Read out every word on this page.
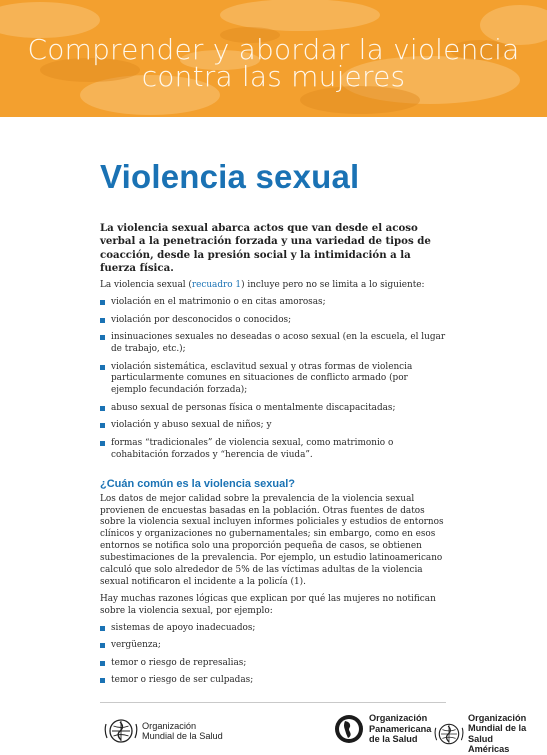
Comprender y abordar la violencia
contra las mujeres
Violencia sexual

La violencia sexual abarca actos que van desde el acoso verbal a la penetración forzada y una variedad de tipos de coacción, desde la presión social y la intimidación a la fuerza física.

La violencia sexual (recuadro 1) incluye pero no se limita a lo siguiente:

violación en el matrimonio o en citas amorosas;
violación por desconocidos o conocidos;
insinuaciones sexuales no deseadas o acoso sexual (en la escuela, el lugar de trabajo, etc.);
violación sistemática, esclavitud sexual y otras formas de violencia particularmente comunes en situaciones de conflicto armado (por ejemplo fecundación forzada);
abuso sexual de personas física o mentalmente discapacitadas;
violación y abuso sexual de niños; y
formas “tradicionales” de violencia sexual, como matrimonio o cohabitación forzados y “herencia de viuda”.
¿Cuán común es la violencia sexual?

Los datos de mejor calidad sobre la prevalencia de la violencia sexual provienen de encuestas basadas en la población. Otras fuentes de datos sobre la violencia sexual incluyen informes policiales y estudios de entornos clínicos y organizaciones no gubernamentales; sin embargo, como en esos entornos se notifica solo una proporción pequeña de casos, se obtienen subestimaciones de la prevalencia. Por ejemplo, un estudio latinoamericano calculó que solo alrededor de 5% de las víctimas adultas de la violencia sexual notificaron el incidente a la policía (1).

Hay muchas razones lógicas que explican por qué las mujeres no notifican sobre la violencia sexual, por ejemplo:

sistemas de apoyo inadecuados;
vergüenza;
temor o riesgo de represalias;
temor o riesgo de ser culpadas;
Organización
Mundial de la Salud
Organización
Panamericana
de la Salud
Organización
Mundial de la Salud
Américas
